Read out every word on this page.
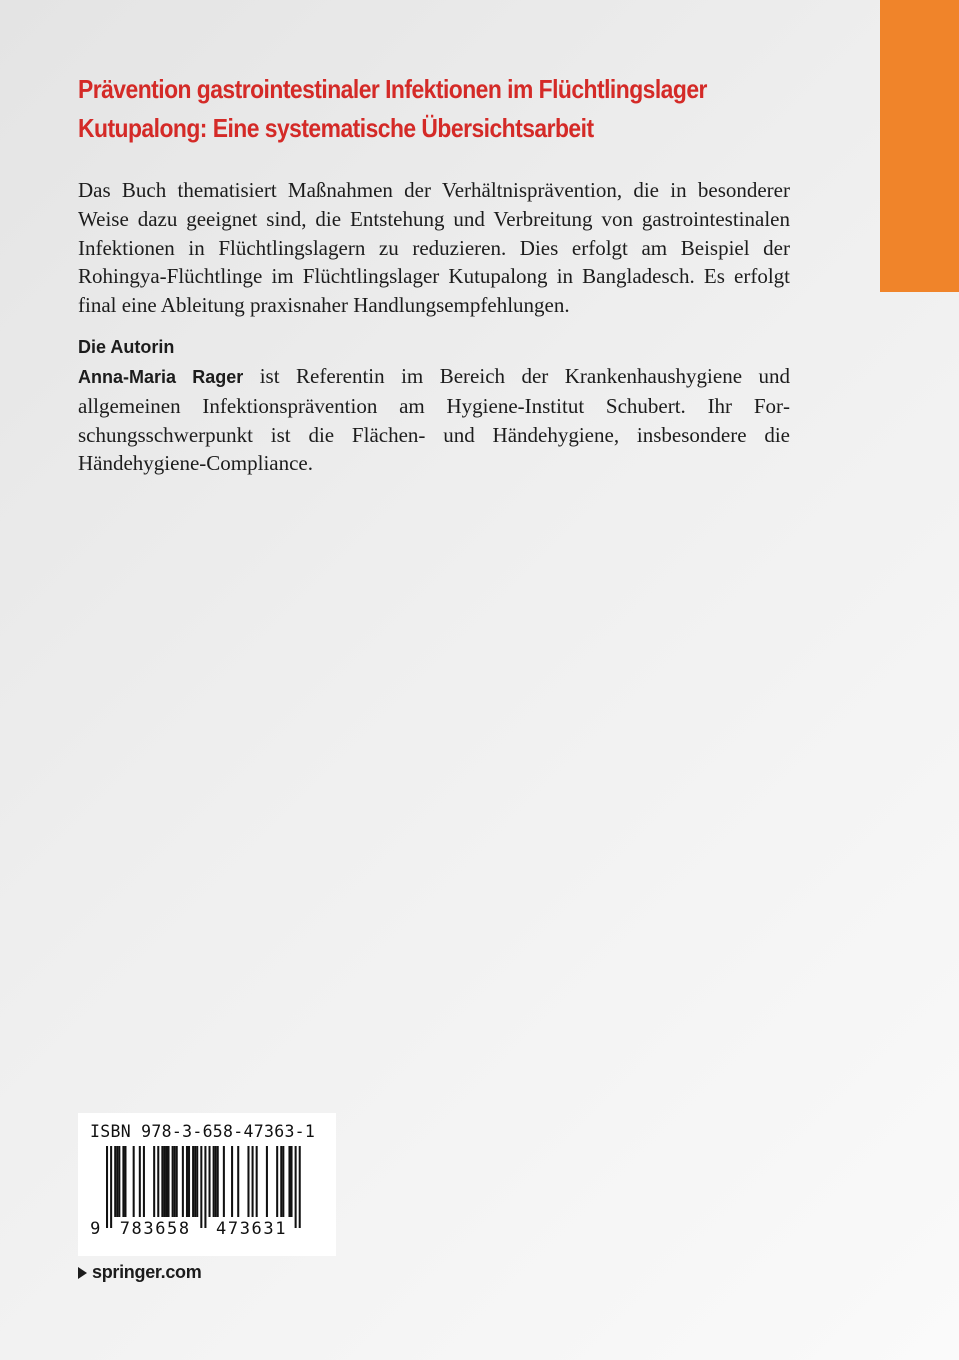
Prävention gastrointestinaler Infektionen im Flüchtlingslager
Kutupalong: Eine systematische Übersichtsarbeit

Das Buch thematisiert Maßnahmen der Verhältnisprävention, die in besonderer Weise dazu geeignet sind, die Entstehung und Verbreitung von gastrointestinalen Infektionen in Flüchtlingslagern zu reduzieren. Dies erfolgt am Beispiel der Rohingya-Flüchtlinge im Flüchtlingslager Kutupalong in Bangladesch. Es erfolgt final eine Ableitung praxisnaher Handlungsempfehlungen.

Die Autorin

Anna-Maria Rager ist Referentin im Bereich der Krankenhaushygiene und allgemeinen Infektionsprävention am Hygiene-Institut Schubert. Ihr Forschungsschwerpunkt ist die Flächen- und Händehygiene, insbesondere die Händehygiene-Compliance.

ISBN 978-3-658-47363-1
9 783658 473631
springer.com
